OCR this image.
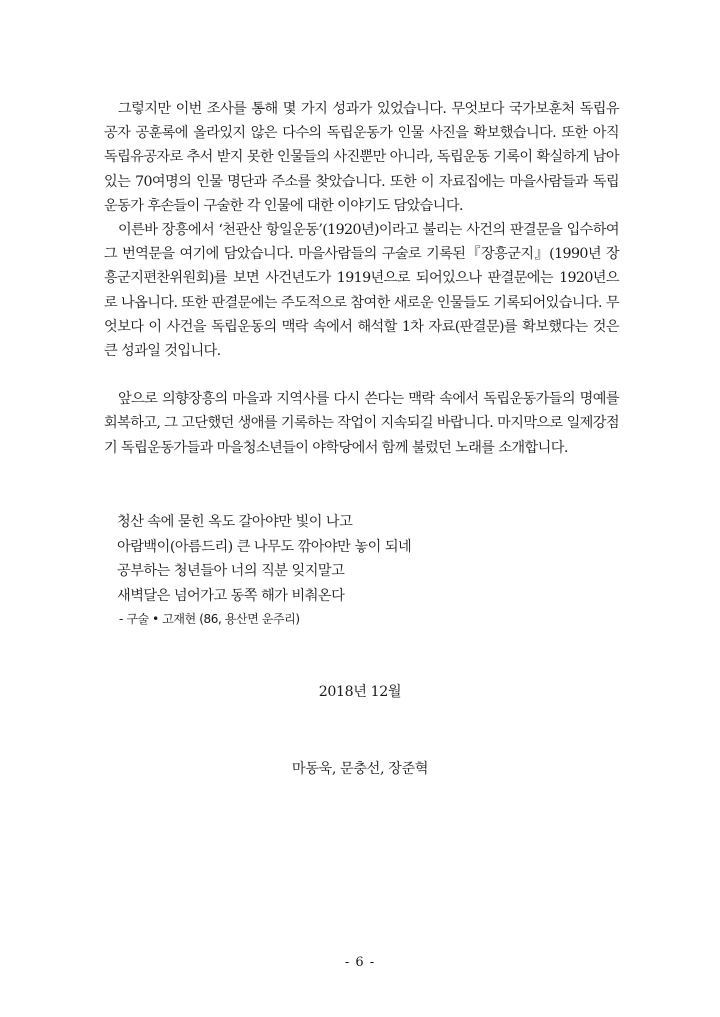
그렇지만 이번 조사를 통해 몇 가지 성과가 있었습니다. 무엇보다 국가보훈처 독립유공자 공훈록에 올라있지 않은 다수의 독립운동가 인물 사진을 확보했습니다. 또한 아직 독립유공자로 추서 받지 못한 인물들의 사진뿐만 아니라, 독립운동 기록이 확실하게 남아있는 70여명의 인물 명단과 주소를 찾았습니다. 또한 이 자료집에는 마을사람들과 독립운동가 후손들이 구술한 각 인물에 대한 이야기도 담았습니다.

이른바 장흥에서 ‘천관산 항일운동’(1920년)이라고 불리는 사건의 판결문을 입수하여 그 번역문을 여기에 담았습니다. 마을사람들의 구술로 기록된『장흥군지』(1990년 장흥군지편찬위원회)를 보면 사건년도가 1919년으로 되어있으나 판결문에는 1920년으로 나옵니다. 또한 판결문에는 주도적으로 참여한 새로운 인물들도 기록되어있습니다. 무엇보다 이 사건을 독립운동의 맥락 속에서 해석할 1차 자료(판결문)를 확보했다는 것은 큰 성과일 것입니다.

앞으로 의향장흥의 마을과 지역사를 다시 쓴다는 맥락 속에서 독립운동가들의 명예를 회복하고, 그 고단했던 생애를 기록하는 작업이 지속되길 바랍니다. 마지막으로 일제강점기 독립운동가들과 마을청소년들이 야학당에서 함께 불렀던 노래를 소개합니다.

청산 속에 묻힌 옥도 갈아야만 빛이 나고
아람백이(아름드리) 큰 나무도 깎아야만 놓이 되네
공부하는 청년들아 너의 직분 잊지말고
새벽달은 넘어가고 동쪽 해가 비춰온다
- 구술 • 고재현 (86, 용산면 운주리)
2018년 12월
마동욱, 문충선, 장준혁
- 6 -
